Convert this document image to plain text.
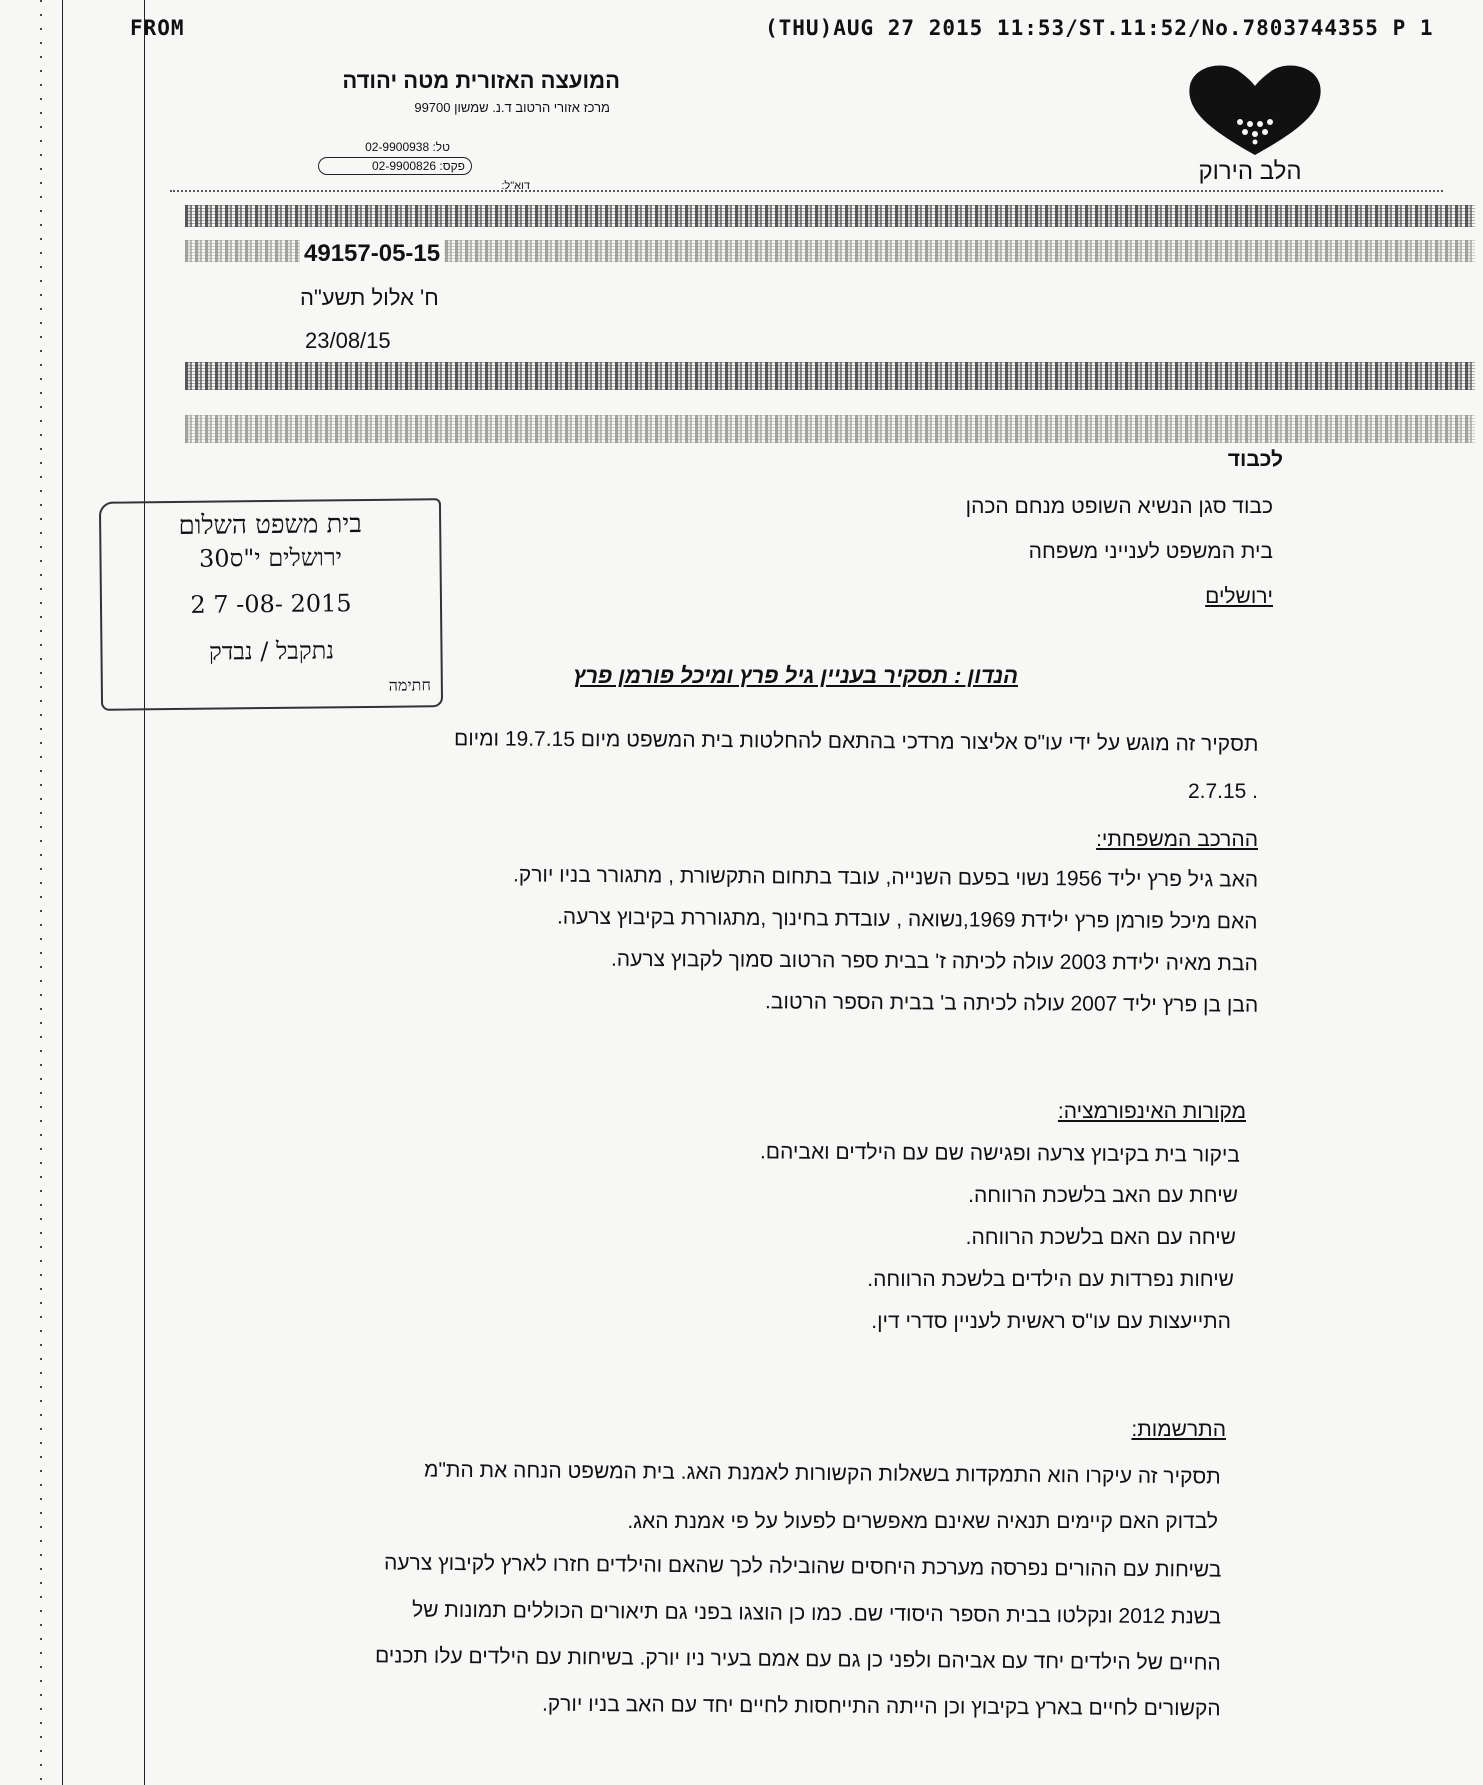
FROM	(THU)AUG 27 2015 11:53/ST.11:52/No.7803744355 P 1
המועצה האזורית מטה יהודה
מרכז אזורי הרטוב ד.נ. שמשון 99700
טל: 02-9900938
פקס: 02-9900826
דוא"ל:
הלב הירוק
49157-05-15
ח' אלול תשע"ה
23/08/15
לכבוד
כבוד סגן הנשיא השופט מנחם הכהן
בית המשפט לענייני משפחה
ירושלים
בית משפט השלום
ירושלים י"ס30
2 7 -08- 2015
נתקבל / נבדק
חתימה	הנדון : תסקיר בעניין גיל פרץ ומיכל פורמן פרץ
תסקיר זה מוגש על ידי עו"ס אליצור מרדכי בהתאם להחלטות בית המשפט מיום 19.7.15 ומיום
. 2.7.15
ההרכב המשפחתי:
האב גיל פרץ יליד 1956 נשוי בפעם השנייה, עובד בתחום התקשורת , מתגורר בניו יורק.
האם מיכל פורמן פרץ ילידת 1969,נשואה , עובדת בחינוך ,מתגוררת בקיבוץ צרעה.
הבת מאיה ילידת 2003 עולה לכיתה ז' בבית ספר הרטוב סמוך לקבוץ צרעה.
הבן בן פרץ יליד 2007 עולה לכיתה ב' בבית הספר הרטוב.
מקורות האינפורמציה:
ביקור בית בקיבוץ צרעה ופגישה שם עם הילדים ואביהם.
שיחת עם האב בלשכת הרווחה.
שיחה עם האם בלשכת הרווחה.
שיחות נפרדות עם הילדים בלשכת הרווחה.
התייעצות עם עו"ס ראשית לעניין סדרי דין.
התרשמות:
תסקיר זה עיקרו הוא התמקדות בשאלות הקשורות לאמנת האג. בית המשפט הנחה את הת"מ
לבדוק האם קיימים תנאיה שאינם מאפשרים לפעול על פי אמנת האג.
בשיחות עם ההורים נפרסה מערכת היחסים שהובילה לכך שהאם והילדים חזרו לארץ לקיבוץ צרעה
בשנת 2012 ונקלטו בבית הספר היסודי שם. כמו כן הוצגו בפני גם תיאורים הכוללים תמונות של
החיים של הילדים יחד עם אביהם ולפני כן גם עם אמם בעיר ניו יורק. בשיחות עם הילדים עלו תכנים
הקשורים לחיים בארץ בקיבוץ וכן הייתה התייחסות לחיים יחד עם האב בניו יורק.
